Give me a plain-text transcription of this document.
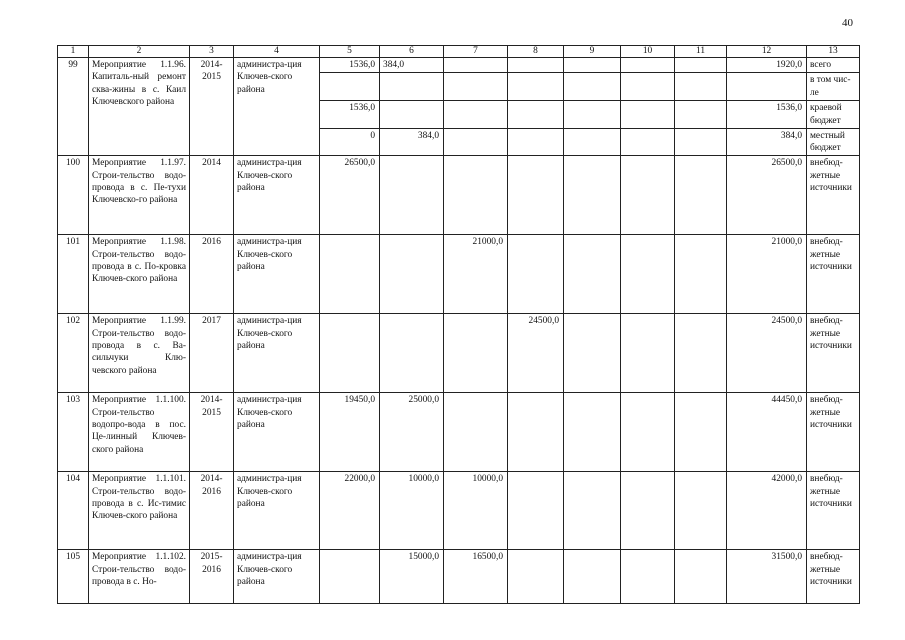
40
1	2	3	4	5	6	7	8	9	10	11	12	13
99	Мероприятие 1.1.96. Капиталь-ный ремонт сква-жины в с. Каил Ключевского района	2014-2015	администра-ция Ключев-ского района	1536,0	384,0						1920,0	всего
												в том чис-ле
				1536,0							1536,0	краевой бюджет
				0	384,0						384,0	местный бюджет
100	Мероприятие 1.1.97. Строи-тельство водо-провода в с. Пе-тухи Ключевско-го района	2014	администра-ция Ключев-ского района	26500,0							26500,0	внебюд-жетные источники
101	Мероприятие 1.1.98. Строи-тельство водо-провода в с. По-кровка Ключев-ского района	2016	администра-ция Ключев-ского района			21000,0					21000,0	внебюд-жетные источники
102	Мероприятие 1.1.99. Строи-тельство водо-провода в с. Ва-сильчуки Клю-чевского района	2017	администра-ция Ключев-ского района				24500,0				24500,0	внебюд-жетные источники
103	Мероприятие 1.1.100. Строи-тельство водопро-вода в пос. Це-линный Ключев-ского района	2014-2015	администра-ция Ключев-ского района	19450,0	25000,0						44450,0	внебюд-жетные источники
104	Мероприятие 1.1.101. Строи-тельство водо-провода в с. Ис-тимис Ключев-ского района	2014-2016	администра-ция Ключев-ского района	22000,0	10000,0	10000,0					42000,0	внебюд-жетные источники
105	Мероприятие 1.1.102. Строи-тельство водо-провода в с. Но-	2015-2016	администра-ция Ключев-ского района		15000,0	16500,0					31500,0	внебюд-жетные источники
